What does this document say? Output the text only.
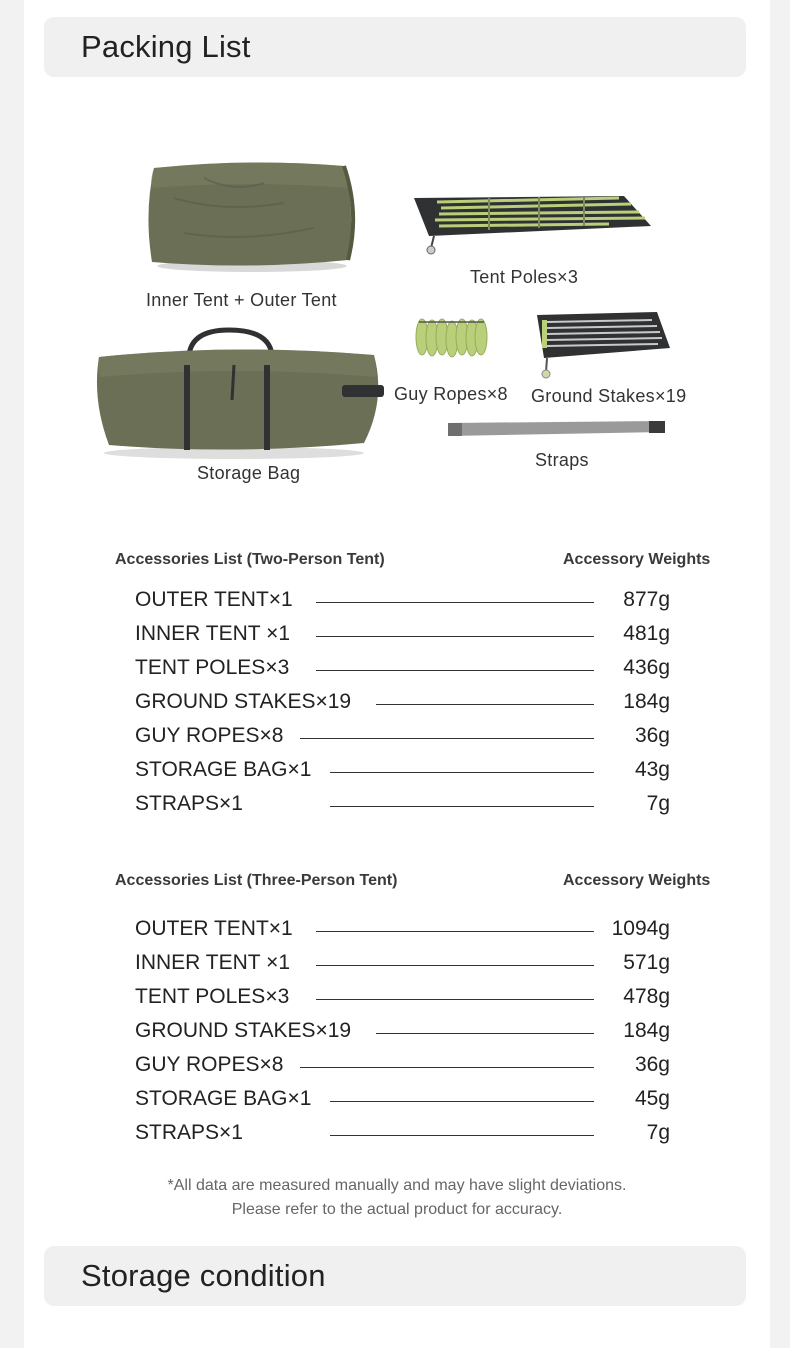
Packing List
Inner Tent + Outer Tent
Tent Poles×3
Storage Bag
Guy Ropes×8 Ground Stakes×19
Straps
Accessories List (Two-Person Tent)	Accessory Weights
OUTER TENT×1	877g
INNER TENT ×1	481g
TENT POLES×3	436g
GROUND STAKES×19	184g
GUY ROPES×8	36g
STORAGE BAG×1	43g
STRAPS×1	7g
Accessories List (Three-Person Tent)	Accessory Weights
OUTER TENT×1	1094g
INNER TENT ×1	571g
TENT POLES×3	478g
GROUND STAKES×19	184g
GUY ROPES×8	36g
STORAGE BAG×1	45g
STRAPS×1	7g
*All data are measured manually and may have slight deviations.
Please refer to the actual product for accuracy.
Storage condition
